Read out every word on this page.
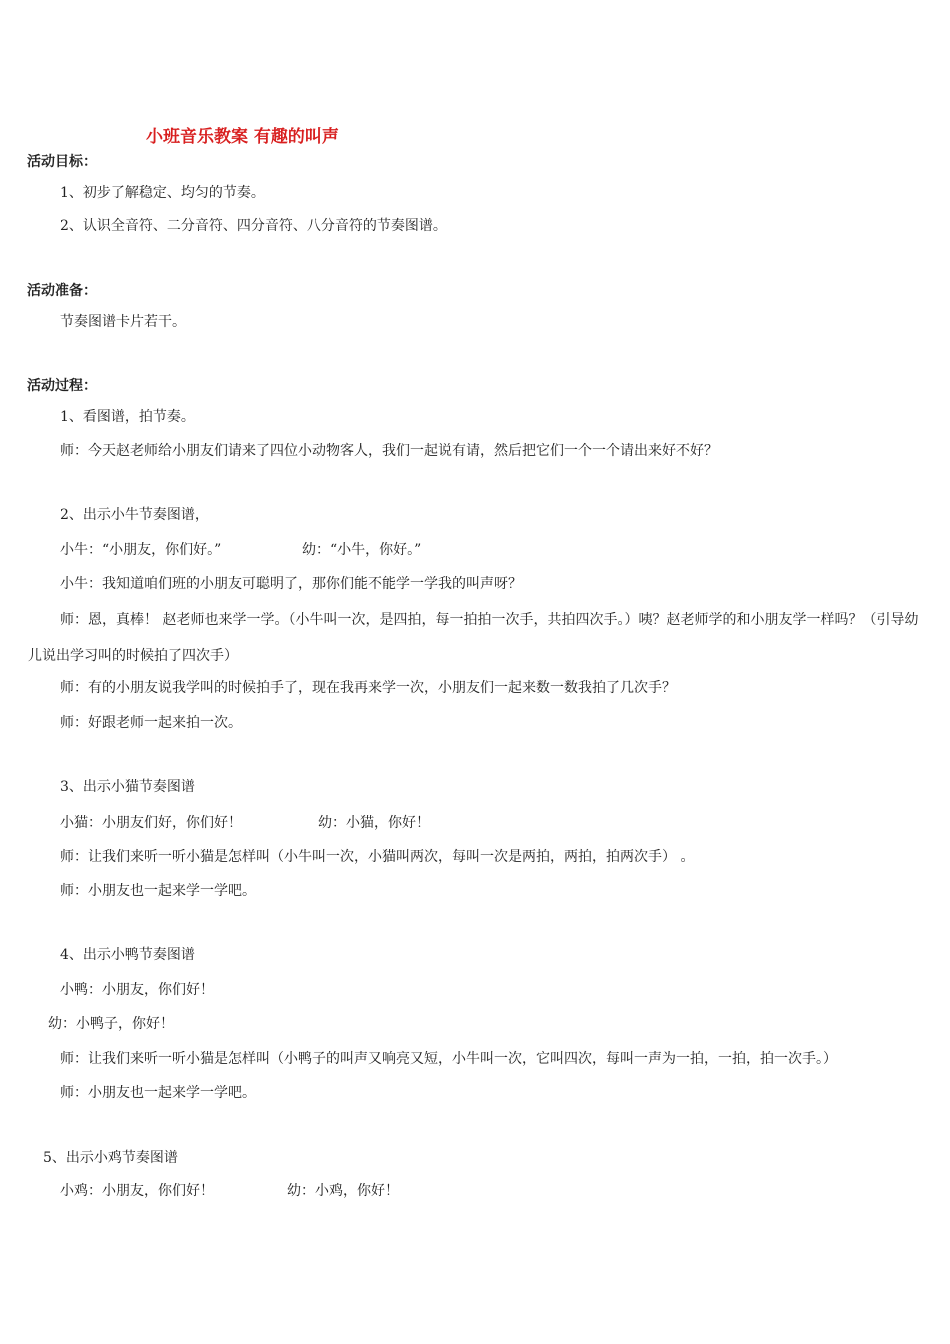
小班音乐教案 有趣的叫声
活动目标：
1、初步了解稳定、均匀的节奏。
2、认识全音符、二分音符、四分音符、八分音符的节奏图谱。
活动准备：
节奏图谱卡片若干。
活动过程：
1、看图谱，拍节奏。
师：今天赵老师给小朋友们请来了四位小动物客人，我们一起说有请，然后把它们一个一个请出来好不好？
2、出示小牛节奏图谱，
小牛：“小朋友，你们好。”	幼：“小牛，你好。”
小牛：我知道咱们班的小朋友可聪明了，那你们能不能学一学我的叫声呀？
师：恩，真棒！ 赵老师也来学一学。（小牛叫一次，是四拍，每一拍拍一次手，共拍四次手。）咦？赵老师学的和小朋友学一样吗？（引导幼儿说出学习叫的时候拍了四次手）
师：有的小朋友说我学叫的时候拍手了，现在我再来学一次，小朋友们一起来数一数我拍了几次手？
师：好跟老师一起来拍一次。
3、出示小猫节奏图谱
小猫：小朋友们好，你们好！	幼：小猫，你好！
师：让我们来听一听小猫是怎样叫（小牛叫一次，小猫叫两次，每叫一次是两拍，两拍，拍两次手） 。
师：小朋友也一起来学一学吧。
4、出示小鸭节奏图谱
小鸭：小朋友，你们好！
幼：小鸭子，你好！
师：让我们来听一听小猫是怎样叫（小鸭子的叫声又响亮又短，小牛叫一次，它叫四次，每叫一声为一拍，一拍，拍一次手。）
师：小朋友也一起来学一学吧。
5、出示小鸡节奏图谱
小鸡：小朋友，你们好！	幼：小鸡，你好！
